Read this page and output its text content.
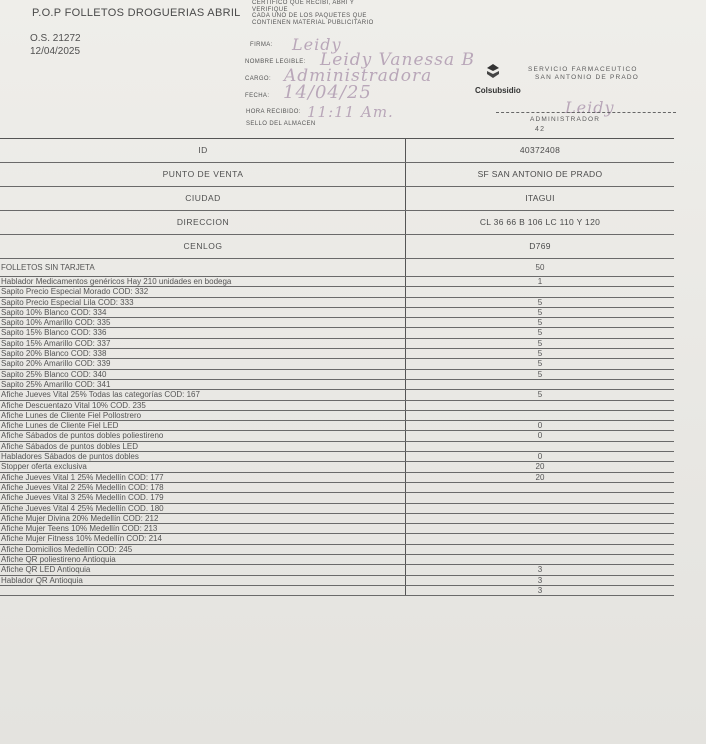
P.O.P FOLLETOS DROGUERIAS ABRIL
O.S. 21272
12/04/2025
CERTIFICO QUE RECIBI, ABRI Y
VERIFIQUE
CADA UNO DE LOS PAQUETES QUE
CONTIENEN MATERIAL PUBLICITARIO
FIRMA: Leidy
NOMBRE LEGIBLE: Leidy Vanessa B
CARGO: Administradora
FECHA: 14/04/25
HORA RECIBIDO: 11:11 Am.
SELLO DEL ALMACEN
Colsubsidio
SERVICIO FARMACEUTICO
SAN ANTONIO DE PRADO
Leidy
ADMINISTRADOR
42
ID	40372408
PUNTO DE VENTA	SF SAN ANTONIO DE PRADO
CIUDAD	ITAGUI
DIRECCION	CL 36 66 B 106 LC 110 Y 120
CENLOG	D769
FOLLETOS SIN TARJETA	50
Hablador Medicamentos genéricos Hay 210 unidades en bodega	1
Sapito Precio Especial Morado COD: 332
Sapito Precio Especial Lila COD: 333	5
Sapito 10% Blanco COD: 334	5
Sapito 10% Amarillo COD: 335	5
Sapito 15% Blanco COD: 336	5
Sapito 15% Amarillo COD: 337	5
Sapito 20% Blanco COD: 338	5
Sapito 20% Amarillo COD: 339	5
Sapito 25% Blanco COD: 340	5
Sapito 25% Amarillo COD: 341
Afiche Jueves Vital 25% Todas las categorías COD: 167	5
Afiche Descuentazo Vital 10% COD. 235
Afiche Lunes de Cliente Fiel Pollostrero
Afiche Lunes de Cliente Fiel LED	0
Afiche Sábados de puntos dobles poliestireno	0
Afiche Sábados de puntos dobles LED
Habladores Sábados de puntos dobles	0
Stopper oferta exclusiva	20
Afiche Jueves Vital 1 25% Medellín COD: 177	20
Afiche Jueves Vital 2 25% Medellín COD: 178
Afiche Jueves Vital 3 25% Medellín COD. 179
Afiche Jueves Vital 4 25% Medellín COD. 180
Afiche Mujer Divina 20% Medellín COD: 212
Afiche Mujer Teens 10% Medellín COD: 213
Afiche Mujer Fitness 10% Medellín COD: 214
Afiche Domicilios Medellín COD: 245
Afiche QR poliestireno Antioquia
Afiche QR LED Antioquia	3
Hablador QR Antioquia	3
3
